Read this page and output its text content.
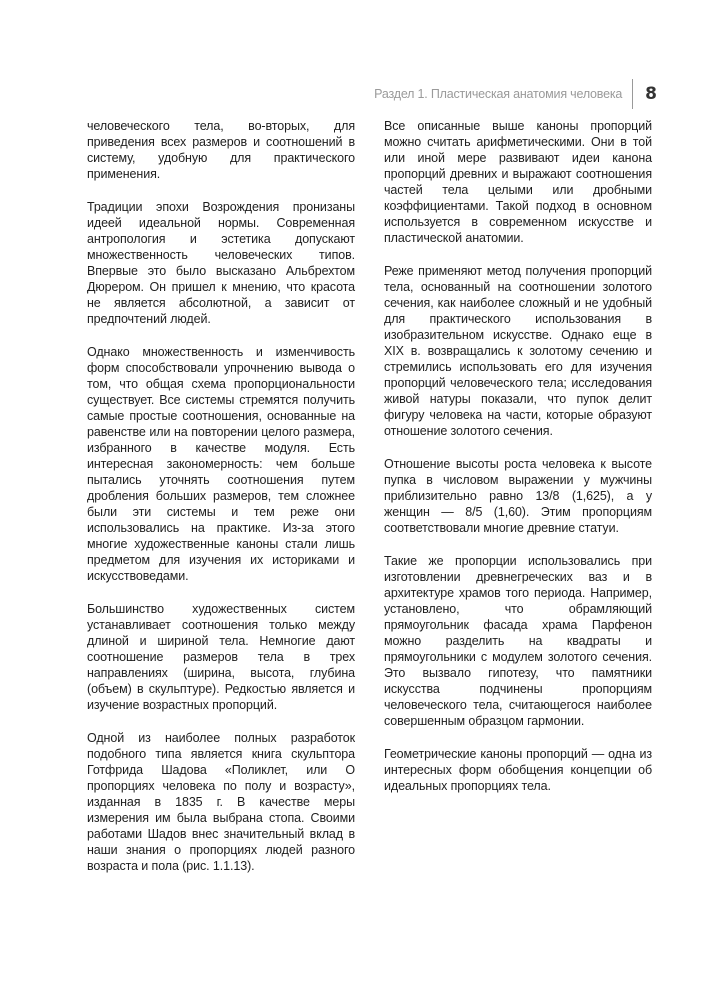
Раздел 1. Пластическая анатомия человека 8

человеческого тела, во-вторых, для приведения всех размеров и соотношений в систему, удобную для практического применения.

Традиции эпохи Возрождения пронизаны идеей идеальной нормы. Современная антропология и эстетика допускают множественность человеческих типов. Впервые это было высказано Альбрехтом Дюрером. Он пришел к мнению, что красота не является абсолютной, а зависит от предпочтений людей.

Однако множественность и изменчивость форм способствовали упрочнению вывода о том, что общая схема пропорциональности существует. Все системы стремятся получить самые простые соотношения, основанные на равенстве или на повторении целого размера, избранного в качестве модуля. Есть интересная закономерность: чем больше пытались уточнять соотношения путем дробления больших размеров, тем сложнее были эти системы и тем реже они использовались на практике. Из-за этого многие художественные каноны стали лишь предметом для изучения их историками и искусствоведами.

Большинство художественных систем устанавливает соотношения только между длиной и шириной тела. Немногие дают соотношение размеров тела в трех направлениях (ширина, высота, глубина (объем) в скульптуре). Редкостью является и изучение возрастных пропорций.

Одной из наиболее полных разработок подобного типа является книга скульптора Готфрида Шадова «Поликлет, или О пропорциях человека по полу и возрасту», изданная в 1835 г. В качестве меры измерения им была выбрана стопа. Своими работами Шадов внес значительный вклад в наши знания о пропорциях людей разного возраста и пола (рис. 1.1.13).

Все описанные выше каноны пропорций можно считать арифметическими. Они в той или иной мере развивают идеи канона пропорций древних и выражают соотношения частей тела целыми или дробными коэффициентами. Такой подход в основном используется в современном искусстве и пластической анатомии.

Реже применяют метод получения пропорций тела, основанный на соотношении золотого сечения, как наиболее сложный и не удобный для практического использования в изобразительном искусстве. Однако еще в XIX в. возвращались к золотому сечению и стремились использовать его для изучения пропорций человеческого тела; исследования живой натуры показали, что пупок делит фигуру человека на части, которые образуют отношение золотого сечения.

Отношение высоты роста человека к высоте пупка в числовом выражении у мужчины приблизительно равно 13/8 (1,625), а у женщин — 8/5 (1,60). Этим пропорциям соответствовали многие древние статуи.

Такие же пропорции использовались при изготовлении древнегреческих ваз и в архитектуре храмов того периода. Например, установлено, что обрамляющий прямоугольник фасада храма Парфенон можно разделить на квадраты и прямоугольники с модулем золотого сечения. Это вызвало гипотезу, что памятники искусства подчинены пропорциям человеческого тела, считающегося наиболее совершенным образцом гармонии.

Геометрические каноны пропорций — одна из интересных форм обобщения концепции об идеальных пропорциях тела.
